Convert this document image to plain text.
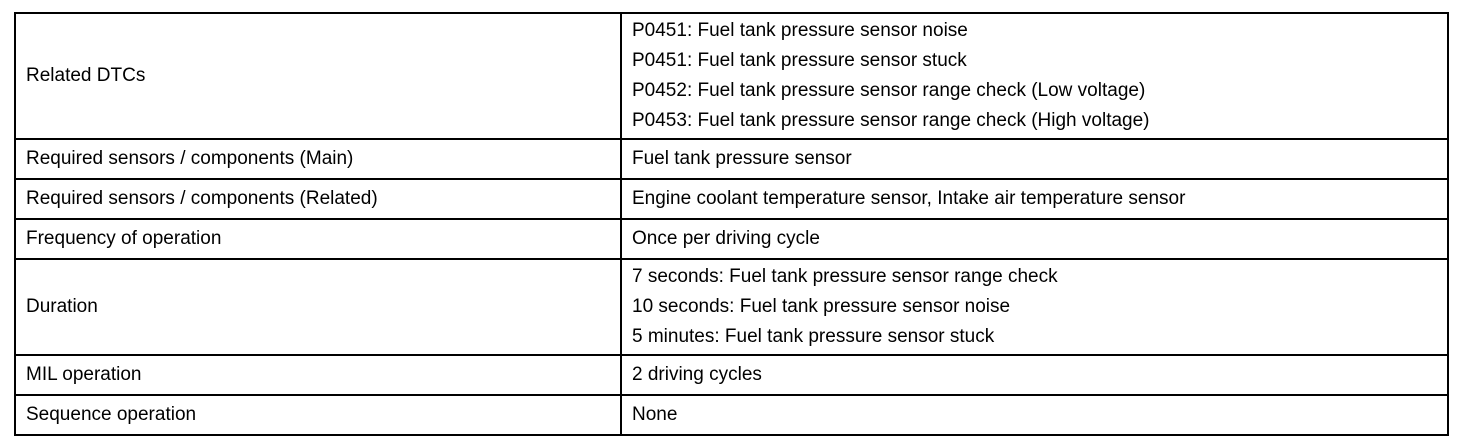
Related DTCs	P0451: Fuel tank pressure sensor noise
P0451: Fuel tank pressure sensor stuck
P0452: Fuel tank pressure sensor range check (Low voltage)
P0453: Fuel tank pressure sensor range check (High voltage)

Required sensors / components (Main)	Fuel tank pressure sensor

Required sensors / components (Related)	Engine coolant temperature sensor, Intake air temperature sensor

Frequency of operation	Once per driving cycle

Duration	7 seconds: Fuel tank pressure sensor range check
10 seconds: Fuel tank pressure sensor noise
5 minutes: Fuel tank pressure sensor stuck

MIL operation	2 driving cycles

Sequence operation	None
